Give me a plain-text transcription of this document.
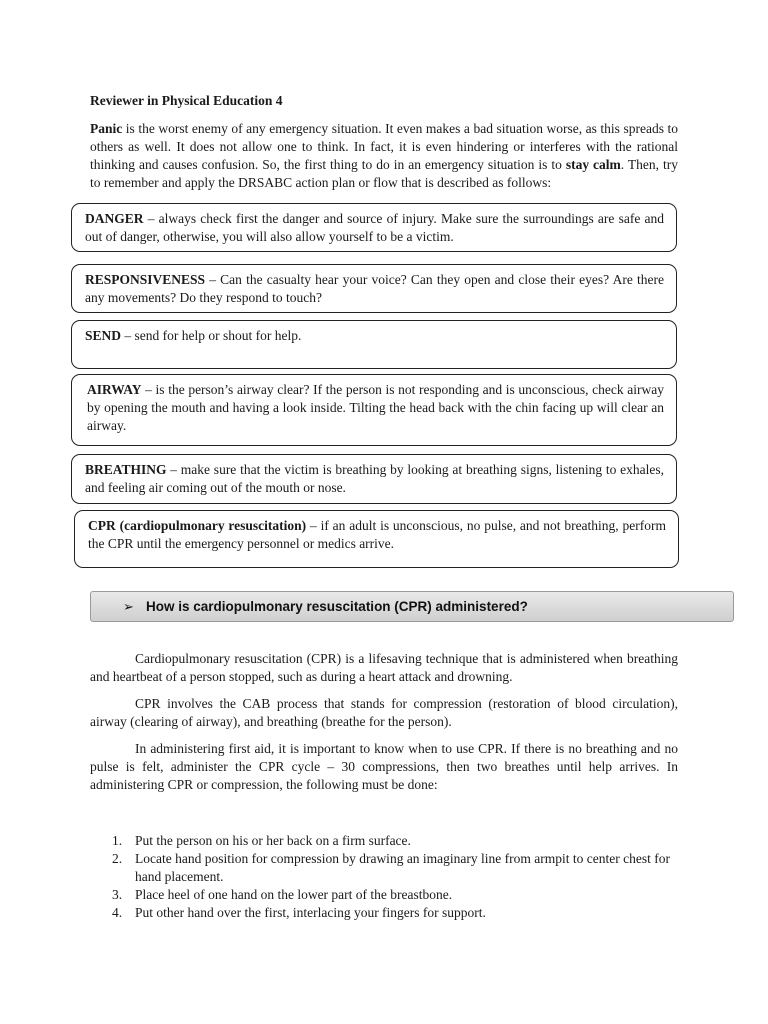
Reviewer in Physical Education 4

Panic is the worst enemy of any emergency situation. It even makes a bad situation worse, as this spreads to others as well. It does not allow one to think. In fact, it is even hindering or interferes with the rational thinking and causes confusion. So, the first thing to do in an emergency situation is to stay calm. Then, try to remember and apply the DRSABC action plan or flow that is described as follows:

DANGER – always check first the danger and source of injury. Make sure the surroundings are safe and out of danger, otherwise, you will also allow yourself to be a victim.
RESPONSIVENESS – Can the casualty hear your voice? Can they open and close their eyes? Are there any movements? Do they respond to touch?
SEND – send for help or shout for help.
AIRWAY – is the person’s airway clear? If the person is not responding and is unconscious, check airway by opening the mouth and having a look inside. Tilting the head back with the chin facing up will clear an airway.
BREATHING – make sure that the victim is breathing by looking at breathing signs, listening to exhales, and feeling air coming out of the mouth or nose.
CPR (cardiopulmonary resuscitation) – if an adult is unconscious, no pulse, and not breathing, perform the CPR until the emergency personnel or medics arrive.
➢ How is cardiopulmonary resuscitation (CPR) administered?

Cardiopulmonary resuscitation (CPR) is a lifesaving technique that is administered when breathing and heartbeat of a person stopped, such as during a heart attack and drowning.

CPR involves the CAB process that stands for compression (restoration of blood circulation), airway (clearing of airway), and breathing (breathe for the person).

In administering first aid, it is important to know when to use CPR. If there is no breathing and no pulse is felt, administer the CPR cycle – 30 compressions, then two breathes until help arrives. In administering CPR or compression, the following must be done:

1. Put the person on his or her back on a firm surface.
2. Locate hand position for compression by drawing an imaginary line from armpit to center chest for hand placement.
3. Place heel of one hand on the lower part of the breastbone.
4. Put other hand over the first, interlacing your fingers for support.
